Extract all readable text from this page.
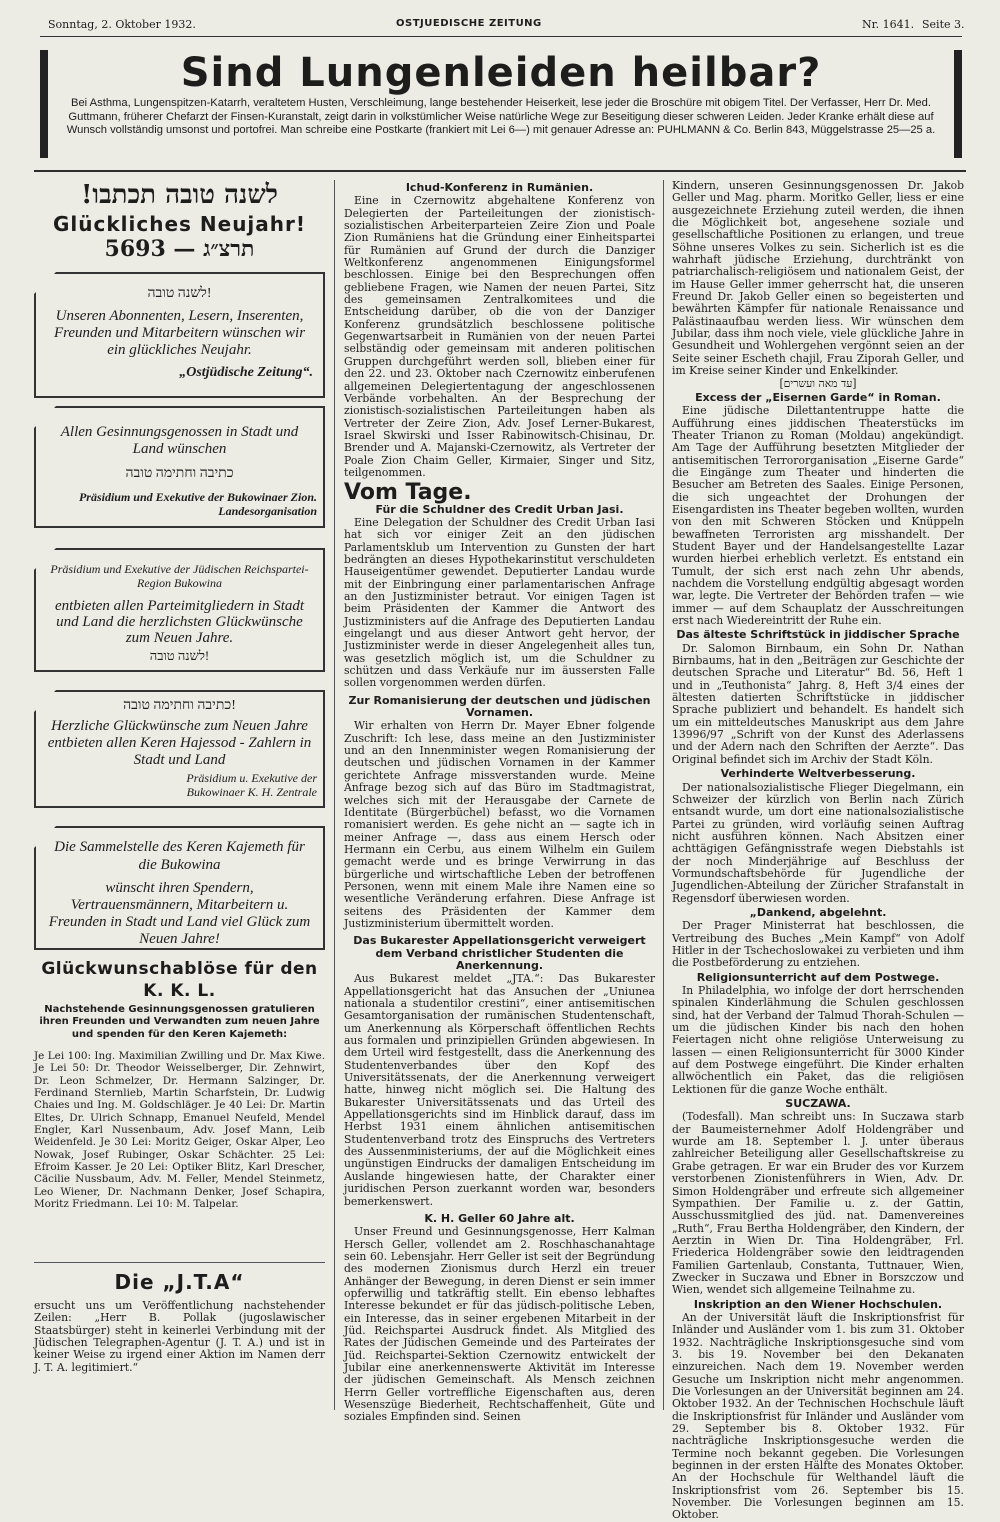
Sonntag, 2. Oktober 1932.	OSTJUEDISCHE ZEITUNG	Nr. 1641. Seite 3.
Sind Lungenleiden heilbar?
Bei Asthma, Lungenspitzen-Katarrh, veraltetem Husten, Verschleimung, lange bestehender Heiserkeit, lese jeder die Broschüre mit obigem Titel. Der Verfasser, Herr Dr. Med. Guttmann, früherer Chefarzt der Finsen-Kuranstalt, zeigt darin in volkstümlicher Weise natürliche Wege zur Beseitigung dieser schweren Leiden. Jeder Kranke erhält diese auf Wunsch vollständig umsonst und portofrei. Man schreibe eine Postkarte (frankiert mit Lei 6—) mit genauer Adresse an: PUHLMANN & Co. Berlin 843, Müggelstrasse 25—25 a.
לשנה טובה תכתבו!
Glückliches Neujahr!
5693 — תרצ״ג
לשנה טובה!
Unseren Abonnenten, Lesern, Inserenten, Freunden und Mitarbeitern wünschen wir ein glückliches Neujahr.
„Ostjüdische Zeitung“.
Allen Gesinnungsgenossen in Stadt und Land wünschen
כתיבה וחתימה טובה
Präsidium und Exekutive der Bukowinaer Zion. Landesorganisation
Präsidium und Exekutive der Jüdischen Reichspartei-Region Bukowina
entbieten allen Parteimitgliedern in Stadt und Land die herzlichsten Glückwünsche zum Neuen Jahre.
לשנה טובה!
כתיבה וחתימה טובה!
Herzliche Glückwünsche zum Neuen Jahre entbieten allen Keren Hajessod - Zahlern in Stadt und Land
Präsidium u. Exekutive der Bukowinaer K. H. Zentrale
Die Sammelstelle des Keren Kajemeth für die Bukowina
wünscht ihren Spendern, Vertrauensmännern, Mitarbeitern u. Freunden in Stadt und Land viel Glück zum Neuen Jahre!
Glückwunschablöse für den K. K. L.
Nachstehende Gesinnungsgenossen gratulieren ihren Freunden und Verwandten zum neuen Jahre und spenden für den Keren Kajemeth:
Je Lei 100: Ing. Maximilian Zwilling und Dr. Max Kiwe. Je Lei 50: Dr. Theodor Weisselberger, Dir. Zehnwirt, Dr. Leon Schmelzer, Dr. Hermann Salzinger, Dr. Ferdinand Sternlieb, Martin Scharfstein, Dr. Ludwig Chaies und Ing. M. Goldschläger. Je 40 Lei: Dr. Martin Eltes, Dr. Ulrich Schnapp, Emanuel Neufeld, Mendel Engler, Karl Nussenbaum, Adv. Josef Mann, Leib Weidenfeld. Je 30 Lei: Moritz Geiger, Oskar Alper, Leo Nowak, Josef Rubinger, Oskar Schächter. 25 Lei: Efroim Kasser. Je 20 Lei: Optiker Blitz, Karl Drescher, Cäcilie Nussbaum, Adv. M. Feller, Mendel Steinmetz, Leo Wiener, Dr. Nachmann Denker, Josef Schapira, Moritz Friedmann. Lei 10: M. Talpelar.
Die „J.T.A“
ersucht uns um Veröffentlichung nachstehender Zeilen: „Herr B. Pollak (jugoslawischer Staatsbürger) steht in keinerlei Verbindung mit der Jüdischen Telegraphen-Agentur (J. T. A.) und ist in keiner Weise zu irgend einer Aktion im Namen derr J. T. A. legitimiert.“
Ichud-Konferenz in Rumänien.

Eine in Czernowitz abgehaltene Konferenz von Delegierten der Parteileitungen der zionistisch-sozialistischen Arbeiterparteien Zeire Zion und Poale Zion Rumäniens hat die Gründung einer Einheitspartei für Rumänien auf Grund der durch die Danziger Weltkonferenz angenommenen Einigungsformel beschlossen. Einige bei den Besprechungen offen gebliebene Fragen, wie Namen der neuen Partei, Sitz des gemeinsamen Zentralkomitees und die Entscheidung darüber, ob die von der Danziger Konferenz grundsätzlich beschlossene politische Gegenwartsarbeit in Rumänien von der neuen Partei selbständig oder gemeinsam mit anderen politischen Gruppen durchgeführt werden soll, blieben einer für den 22. und 23. Oktober nach Czernowitz einberufenen allgemeinen Delegiertentagung der angeschlossenen Verbände vorbehalten. An der Besprechung der zionistisch-sozialistischen Parteileitungen haben als Vertreter der Zeire Zion, Adv. Josef Lerner-Bukarest, Israel Skwirski und Isser Rabinowitsch-Chisinau, Dr. Brender und A. Majanski-Czernowitz, als Vertreter der Poale Zion Chaim Geller, Kirmaier, Singer und Sitz, teilgenommen.

Vom Tage.
Für die Schuldner des Credit Urban Jasi.

Eine Delegation der Schuldner des Credit Urban Iasi hat sich vor einiger Zeit an den jüdischen Parlamentsklub um Intervention zu Gunsten der hart bedrängten an dieses Hypothekarinstitut verschuldeten Hauseigentümer gewendet. Deputierter Landau wurde mit der Einbringung einer parlamentarischen Anfrage an den Justizminister betraut. Vor einigen Tagen ist beim Präsidenten der Kammer die Antwort des Justizministers auf die Anfrage des Deputierten Landau eingelangt und aus dieser Antwort geht hervor, der Justizminister werde in dieser Angelegenheit alles tun, was gesetzlich möglich ist, um die Schuldner zu schützen und dass Verkäufe nur im äussersten Falle sollen vorgenommen werden dürfen.

Zur Romanisierung der deutschen und jüdischen Vornamen.

Wir erhalten von Herrn Dr. Mayer Ebner folgende Zuschrift: Ich lese, dass meine an den Justizminister und an den Innenminister wegen Romanisierung der deutschen und jüdischen Vornamen in der Kammer gerichtete Anfrage missverstanden wurde. Meine Anfrage bezog sich auf das Büro im Stadtmagistrat, welches sich mit der Herausgabe der Carnete de Identitate (Bürgerbüchel) befasst, wo die Vornamen romanisiert werden. Es gehe nicht an — sagte ich in meiner Anfrage —, dass aus einem Hersch oder Hermann ein Cerbu, aus einem Wilhelm ein Guilem gemacht werde und es bringe Verwirrung in das bürgerliche und wirtschaftliche Leben der betroffenen Personen, wenn mit einem Male ihre Namen eine so wesentliche Veränderung erfahren. Diese Anfrage ist seitens des Präsidenten der Kammer dem Justizministerium übermittelt worden.

Das Bukarester Appellationsgericht verweigert dem Verband christlicher Studenten die Anerkennung.

Aus Bukarest meldet „JTA.“: Das Bukarester Appellationsgericht hat das Ansuchen der „Uniunea nationala a studentilor crestini“, einer antisemitischen Gesamtorganisation der rumänischen Studentenschaft, um Anerkennung als Körperschaft öffentlichen Rechts aus formalen und prinzipiellen Gründen abgewiesen. In dem Urteil wird festgestellt, dass die Anerkennung des Studentenverbandes über den Kopf des Universitätssenats, der die Anerkennung verweigert hatte, hinweg nicht möglich sei. Die Haltung des Bukarester Universitätssenats und das Urteil des Appellationsgerichts sind im Hinblick darauf, dass im Herbst 1931 einem ähnlichen antisemitischen Studentenverband trotz des Einspruchs des Vertreters des Aussenministeriums, der auf die Möglichkeit eines ungünstigen Eindrucks der damaligen Entscheidung im Auslande hingewiesen hatte, der Charakter einer juridischen Person zuerkannt worden war, besonders bemerkenswert.

K. H. Geller 60 Jahre alt.

Unser Freund und Gesinnungsgenosse, Herr Kalman Hersch Geller, vollendet am 2. Roschhaschanahtage sein 60. Lebensjahr. Herr Geller ist seit der Begründung des modernen Zionismus durch Herzl ein treuer Anhänger der Bewegung, in deren Dienst er sein immer opferwillig und tatkräftig stellt. Ein ebenso lebhaftes Interesse bekundet er für das jüdisch-politische Leben, ein Interesse, das in seiner ergebenen Mitarbeit in der Jüd. Reichspartei Ausdruck findet. Als Mitglied des Rates der Jüdischen Gemeinde und des Parteirates der Jüd. Reichspartei-Sektion Czernowitz entwickelt der Jubilar eine anerkennenswerte Aktivität im Interesse der jüdischen Gemeinschaft. Als Mensch zeichnen Herrn Geller vortreffliche Eigenschaften aus, deren Wesenszüge Biederheit, Rechtschaffenheit, Güte und soziales Empfinden sind. Seinen

Kindern, unseren Gesinnungsgenossen Dr. Jakob Geller und Mag. pharm. Moritko Geller, liess er eine ausgezeichnete Erziehung zuteil werden, die ihnen die Möglichkeit bot, angesehene soziale und gesellschaftliche Positionen zu erlangen, und treue Söhne unseres Volkes zu sein. Sicherlich ist es die wahrhaft jüdische Erziehung, durchtränkt von patriarchalisch-religiösem und nationalem Geist, der im Hause Geller immer geherrscht hat, die unseren Freund Dr. Jakob Geller einen so begeisterten und bewährten Kämpfer für nationale Renaissance und Palästinaaufbau werden liess. Wir wünschen dem Jubilar, dass ihm noch viele, viele glückliche Jahre in Gesundheit und Wohlergehen vergönnt seien an der Seite seiner Escheth chajil, Frau Ziporah Geller, und im Kreise seiner Kinder und Enkelkinder.

[עד מאה ועשרים]
Excess der „Eisernen Garde“ in Roman.

Eine jüdische Dilettantentruppe hatte die Aufführung eines jiddischen Theaterstücks im Theater Trianon zu Roman (Moldau) angekündigt. Am Tage der Aufführung besetzten Mitglieder der antisemitischen Terrororganisation „Eiserne Garde“ die Eingänge zum Theater und hinderten die Besucher am Betreten des Saales. Einige Personen, die sich ungeachtet der Drohungen der Eisengardisten ins Theater begeben wollten, wurden von den mit Schweren Stöcken und Knüppeln bewaffneten Terroristen arg misshandelt. Der Student Bayer und der Handelsangestellte Lazar wurden hierbei erheblich verletzt. Es entstand ein Tumult, der sich erst nach zehn Uhr abends, nachdem die Vorstellung endgültig abgesagt worden war, legte. Die Vertreter der Behörden trafen — wie immer — auf dem Schauplatz der Ausschreitungen erst nach Wiedereintritt der Ruhe ein.

Das älteste Schriftstück in jiddischer Sprache

Dr. Salomon Birnbaum, ein Sohn Dr. Nathan Birnbaums, hat in den „Beiträgen zur Geschichte der deutschen Sprache und Literatur“ Bd. 56, Heft 1 und in „Teuthonista“ Jahrg. 8, Heft 3/4 eines der ältesten datierten Schriftstücke in jiddischer Sprache publiziert und behandelt. Es handelt sich um ein mitteldeutsches Manuskript aus dem Jahre 13996/97 „Schrift von der Kunst des Aderlassens und der Adern nach den Schriften der Aerzte“. Das Original befindet sich im Archiv der Stadt Köln.

Verhinderte Weltverbesserung.

Der nationalsozialistische Flieger Diegelmann, ein Schweizer der kürzlich von Berlin nach Zürich entsandt wurde, um dort eine nationalsozialistische Partei zu gründen, wird vorläufig seinen Auftrag nicht ausführen können. Nach Absitzen einer achttägigen Gefängnisstrafe wegen Diebstahls ist der noch Minderjährige auf Beschluss der Vormundschaftsbehörde für Jugendliche der Jugendlichen-Abteilung der Züricher Strafanstalt in Regensdorf überwiesen worden.

„Dankend, abgelehnt.

Der Prager Ministerrat hat beschlossen, die Vertreibung des Buches „Mein Kampf“ von Adolf Hitler in der Tschechoslowakei zu verbieten und ihm die Postbeförderung zu entziehen.

Religionsunterricht auf dem Postwege.

In Philadelphia, wo infolge der dort herrschenden spinalen Kinderlähmung die Schulen geschlossen sind, hat der Verband der Talmud Thorah-Schulen — um die jüdischen Kinder bis nach den hohen Feiertagen nicht ohne religiöse Unterweisung zu lassen — einen Religionsunterricht für 3000 Kinder auf dem Postwege eingeführt. Die Kinder erhalten allwöchentlich ein Paket, das die religiösen Lektionen für die ganze Woche enthält.

SUCZAWA.

(Todesfall). Man schreibt uns: In Suczawa starb der Baumeisternehmer Adolf Holdengräber und wurde am 18. September l. J. unter überaus zahlreicher Beteiligung aller Gesellschaftskreise zu Grabe getragen. Er war ein Bruder des vor Kurzem verstorbenen Zionistenführers in Wien, Adv. Dr. Simon Holdengräber und erfreute sich allgemeiner Sympathien. Der Familie u. z. der Gattin, Ausschussmitglied des jüd. nat. Damenvereines „Ruth“, Frau Bertha Holdengräber, den Kindern, der Aerztin in Wien Dr. Tina Holdengräber, Frl. Friederica Holdengräber sowie den leidtragenden Familien Gartenlaub, Constanta, Tuttnauer, Wien, Zwecker in Suczawa und Ebner in Borszczow und Wien, wendet sich allgemeine Teilnahme zu.

Inskription an den Wiener Hochschulen.

An der Universität läuft die Inskriptionsfrist für Inländer und Ausländer vom 1. bis zum 31. Oktober 1932. Nachträgliche Inskriptionsgesuche sind vom 3. bis 19. November bei den Dekanaten einzureichen. Nach dem 19. November werden Gesuche um Inskription nicht mehr angenommen. Die Vorlesungen an der Universität beginnen am 24. Oktober 1932. An der Technischen Hochschule läuft die Inskriptionsfrist für Inländer und Ausländer vom 29. September bis 8. Oktober 1932. Für nachträgliche Inskriptionsgesuche werden die Termine noch bekannt gegeben. Die Vorlesungen beginnen in der ersten Hälfte des Monates Oktober. An der Hochschule für Welthandel läuft die Inskriptionsfrist vom 26. September bis 15. November. Die Vorlesungen beginnen am 15. Oktober.
